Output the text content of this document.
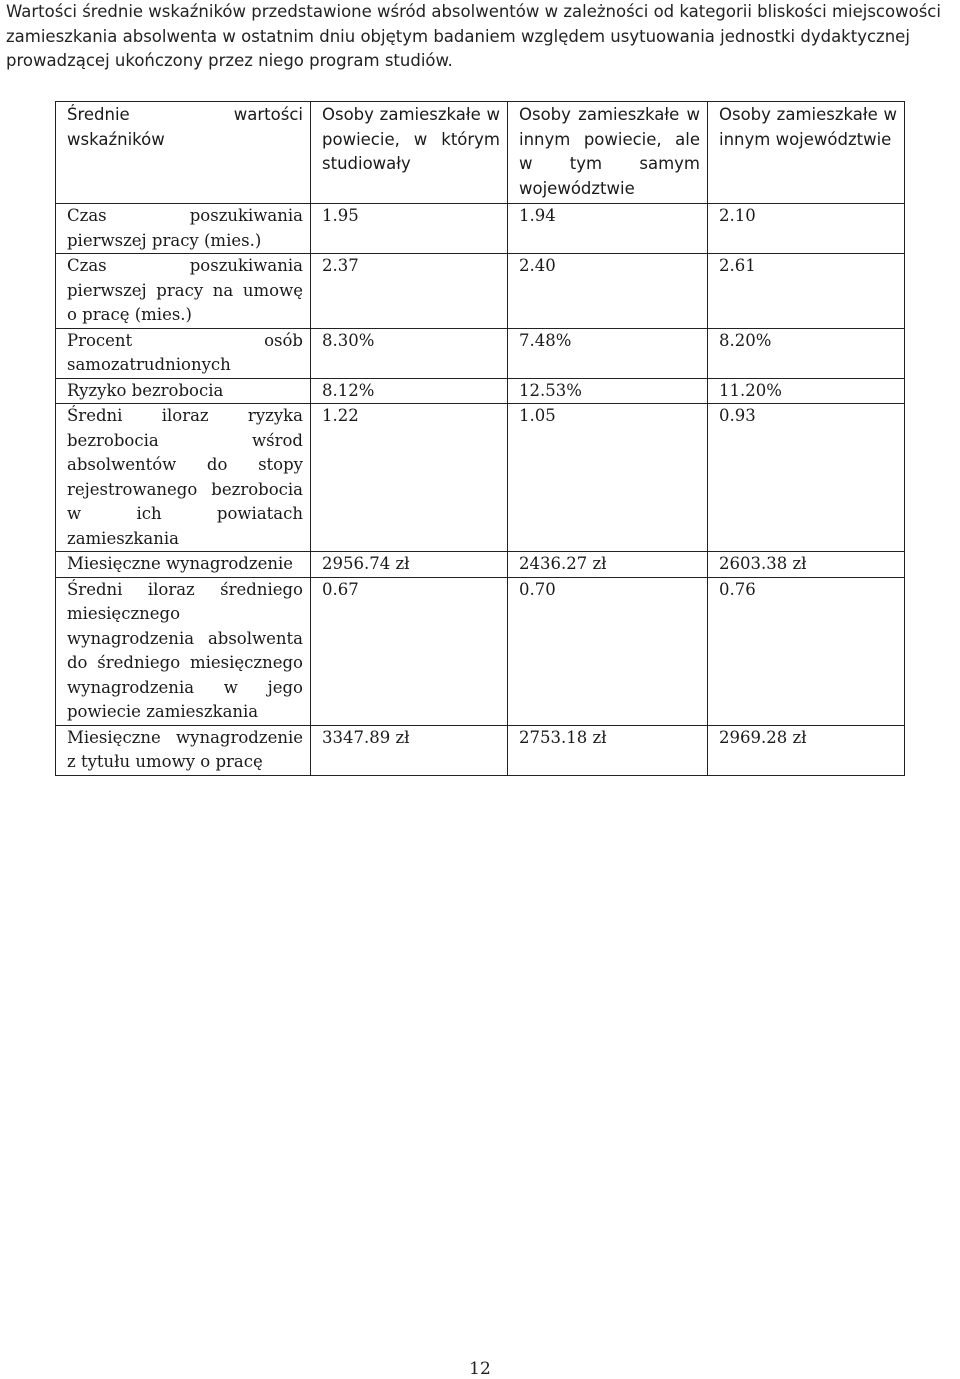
Wartości średnie wskaźników przedstawione wśród absolwentów w zależności od kategorii bliskości miejscowości zamieszkania absolwenta w ostatnim dniu objętym badaniem względem usytuowania jednostki dydaktycznej prowadzącej ukończony przez niego program studiów.

Średnie wartości wskaźników	Osoby zamieszkałe w powiecie, w którym studiowały	Osoby zamieszkałe w innym powiecie, ale w tym samym województwie	Osoby zamieszkałe w innym województwie
Czas poszukiwania pierwszej pracy (mies.)	1.95	1.94	2.10
Czas poszukiwania pierwszej pracy na umowę o pracę (mies.)	2.37	2.40	2.61
Procent osób samozatrudnionych	8.30%	7.48%	8.20%
Ryzyko bezrobocia	8.12%	12.53%	11.20%
Średni iloraz ryzyka bezrobocia wśrod absolwentów do stopy rejestrowanego bezrobocia w ich powiatach zamieszkania	1.22	1.05	0.93
Miesięczne wynagrodzenie	2956.74 zł	2436.27 zł	2603.38 zł
Średni iloraz średniego miesięcznego wynagrodzenia absolwenta do średniego miesięcznego wynagrodzenia w jego powiecie zamieszkania	0.67	0.70	0.76
Miesięczne wynagrodzenie z tytułu umowy o pracę	3347.89 zł	2753.18 zł	2969.28 zł
12
